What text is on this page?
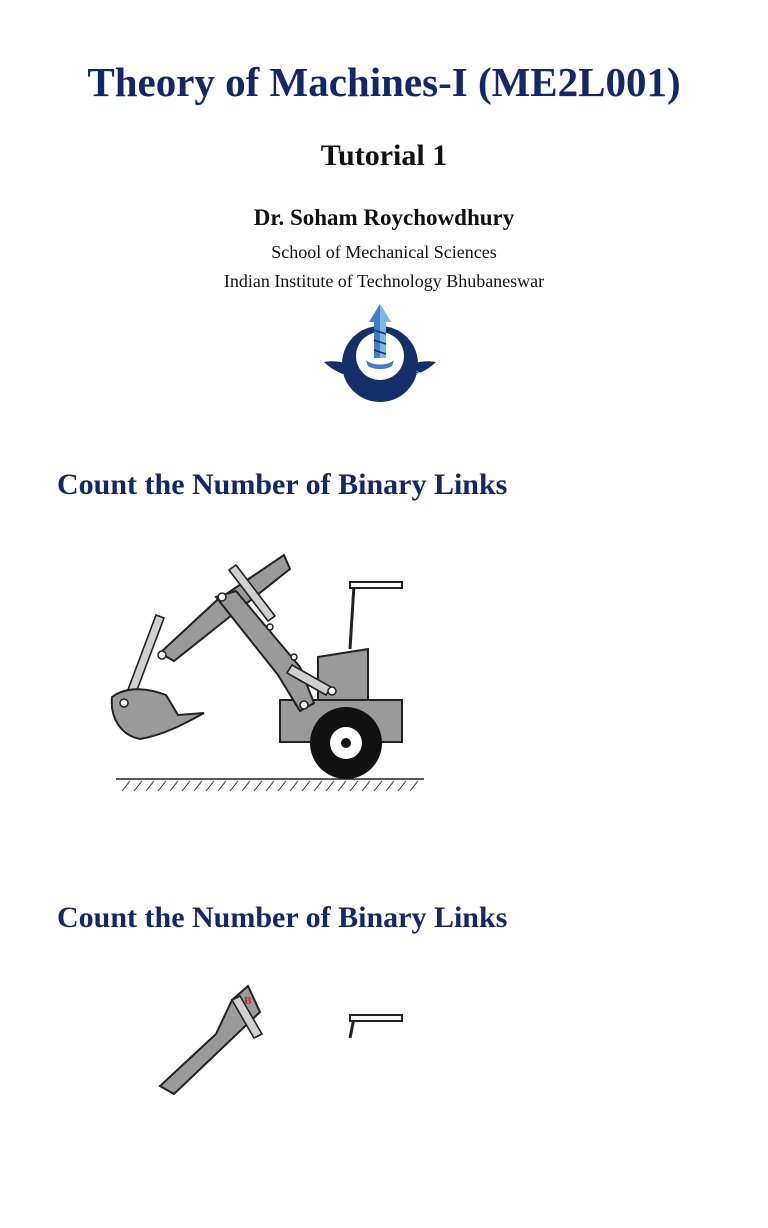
Theory of Machines-I (ME2L001)
Tutorial 1
Dr. Soham Roychowdhury
School of Mechanical Sciences
Indian Institute of Technology Bhubaneswar
IAN INSTITUTE OF TECHNOLOGY BHUBANESW
Count the Number of Binary Links
Count the Number of Binary Links
B
